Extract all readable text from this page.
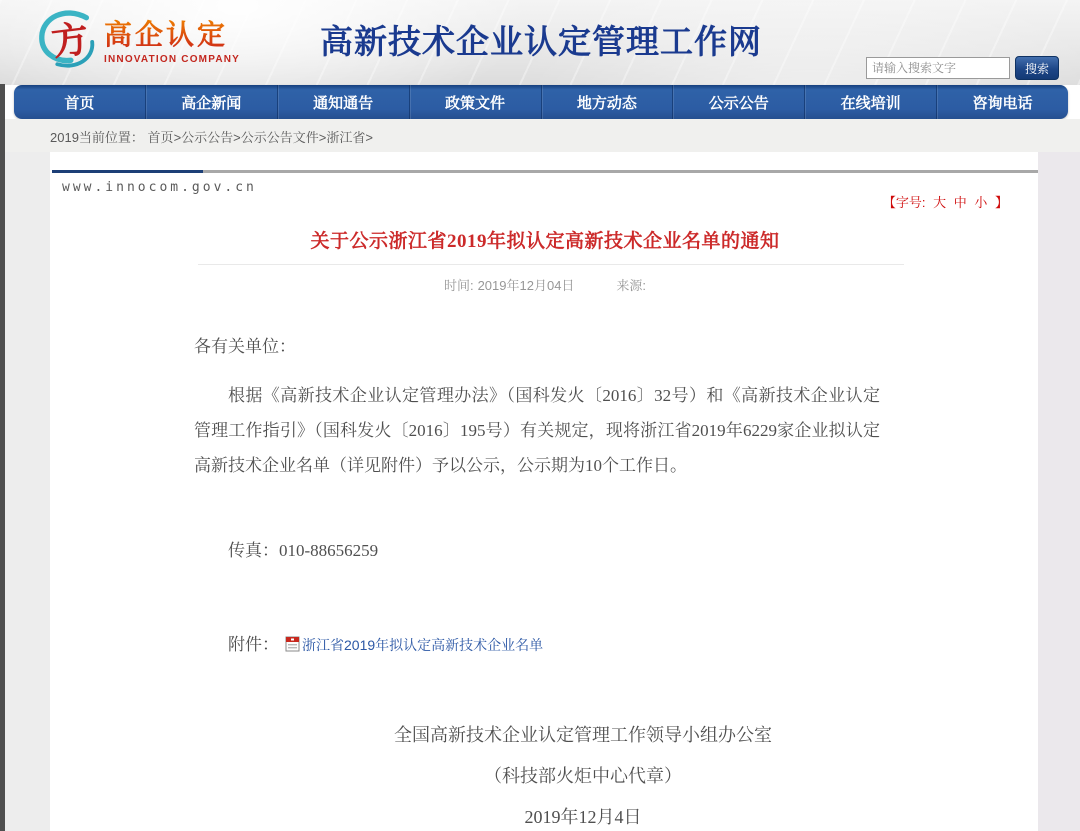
方 高企认定
INNOVATION COMPANY 高新技术企业认定管理工作网
请输入搜索文字
搜索
首页	高企新闻	通知通告	政策文件	地方动态	公示公告	在线培训	咨询电话
2019当前位置： 首页>公示公告>公示公告文件>浙江省>
www.innocom.gov.cn
【字号: 大 中 小 】
关于公示浙江省2019年拟认定高新技术企业名单的通知
时间: 2019年12月04日	来源:
各有关单位：
根据《高新技术企业认定管理办法》（国科发火〔2016〕32号）和《高新技术企业认定管理工作指引》（国科发火〔2016〕195号）有关规定，现将浙江省2019年6229家企业拟认定高新技术企业名单（详见附件）予以公示，公示期为10个工作日。
传真：010-88656259
附件： 浙江省2019年拟认定高新技术企业名单
全国高新技术企业认定管理工作领导小组办公室
（科技部火炬中心代章）
2019年12月4日
